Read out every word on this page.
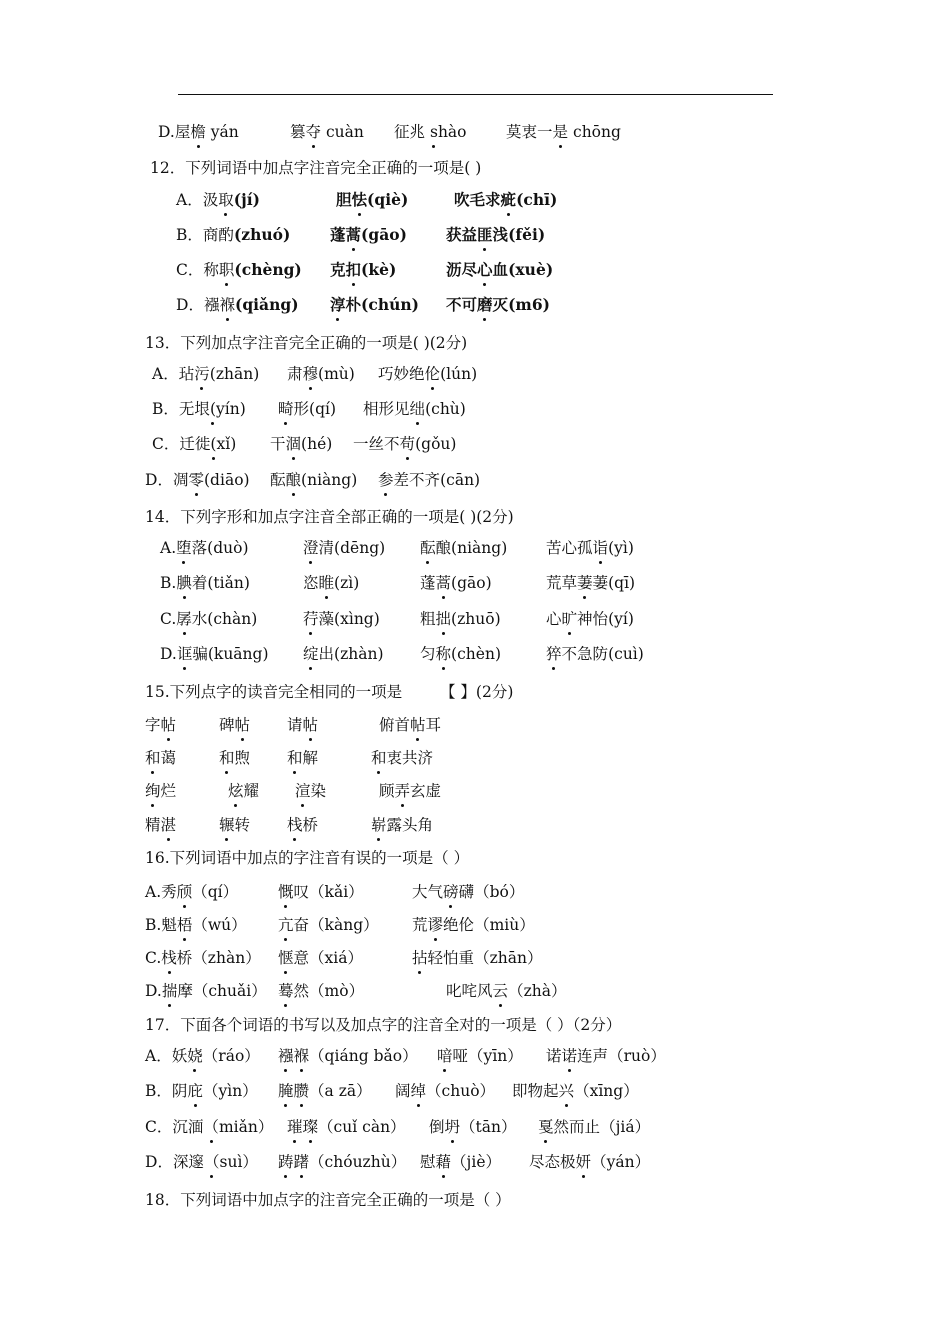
D.屋檐 yán	篡夺 cuàn 征兆 shào	莫衷一是 chōng
12．下列词语中加点字注音完全正确的一项是( )
A．汲取(jí)	胆怯(qiè)	吹毛求疵(chī)
B．商酌(zhuó)	蓬蒿(gāo)	获益匪浅(fěi)
C．称职(chèng) 克扣(kè)	沥尽心血(xuè)
D．襁褓(qiǎng) 淳朴(chún) 不可磨灭(m6)
13．下列加点字注音完全正确的一项是( )(2分)
A．玷污(zhān) 肃穆(mù) 巧妙绝伦(lún)
B．无垠(yín) 畸形(qí) 相形见绌(chù)
C．迁徙(xǐ) 干涸(hé) 一丝不苟(gǒu)
D．凋零(diāo) 酝酿(niàng) 参差不齐(cān)
14．下列字形和加点字注音全部正确的一项是( )(2分)
A.堕落(duò)	澄清(dēng) 酝酿(niàng) 苦心孤诣(yì)
B.腆着(tiǎn)	恣睢(zì)	蓬蒿(gāo)	荒草萋萋(qī)
C.孱水(chàn)	荇藻(xìng)	粗拙(zhuō)	心旷神怡(yí)
D.诓骗(kuāng) 绽出(zhàn) 匀称(chèn)	猝不急防(cuì)
15.下列点字的读音完全相同的一项是 【 】(2分)
字帖	碑帖 请帖	俯首帖耳
和蔼	和煦 和解	和衷共济
绚烂	炫耀 渲染	顾弄玄虚
精湛	辗转 栈桥	崭露头角
16.下列词语中加点的字注音有误的一项是（ ）
A.秀颀（qí）	慨叹（kǎi）	大气磅礴（bó）
B.魁梧（wú） 亢奋（kàng） 荒谬绝伦（miù）
C.栈桥（zhàn） 惬意（xiá）	拈轻怕重（zhān）
D.揣摩（chuǎi） 蓦然（mò）	叱咤风云（zhà）
17．下面各个词语的书写以及加点字的注音全对的一项是（ ）（2分）
A．妖娆（ráo） 襁褓（qiáng bǎo） 喑哑（yīn） 诺诺连声（ruò）
B．阴庇（yìn） 腌臜（a zā） 阔绰（chuò） 即物起兴（xīng）
C．沉湎（miǎn） 璀璨（cuǐ càn） 倒坍（tān） 戛然而止（jiá）
D．深邃（suì） 踌躇（chóuzhù） 慰藉（jiè） 尽态极妍（yán）
18．下列词语中加点字的注音完全正确的一项是（ ）
